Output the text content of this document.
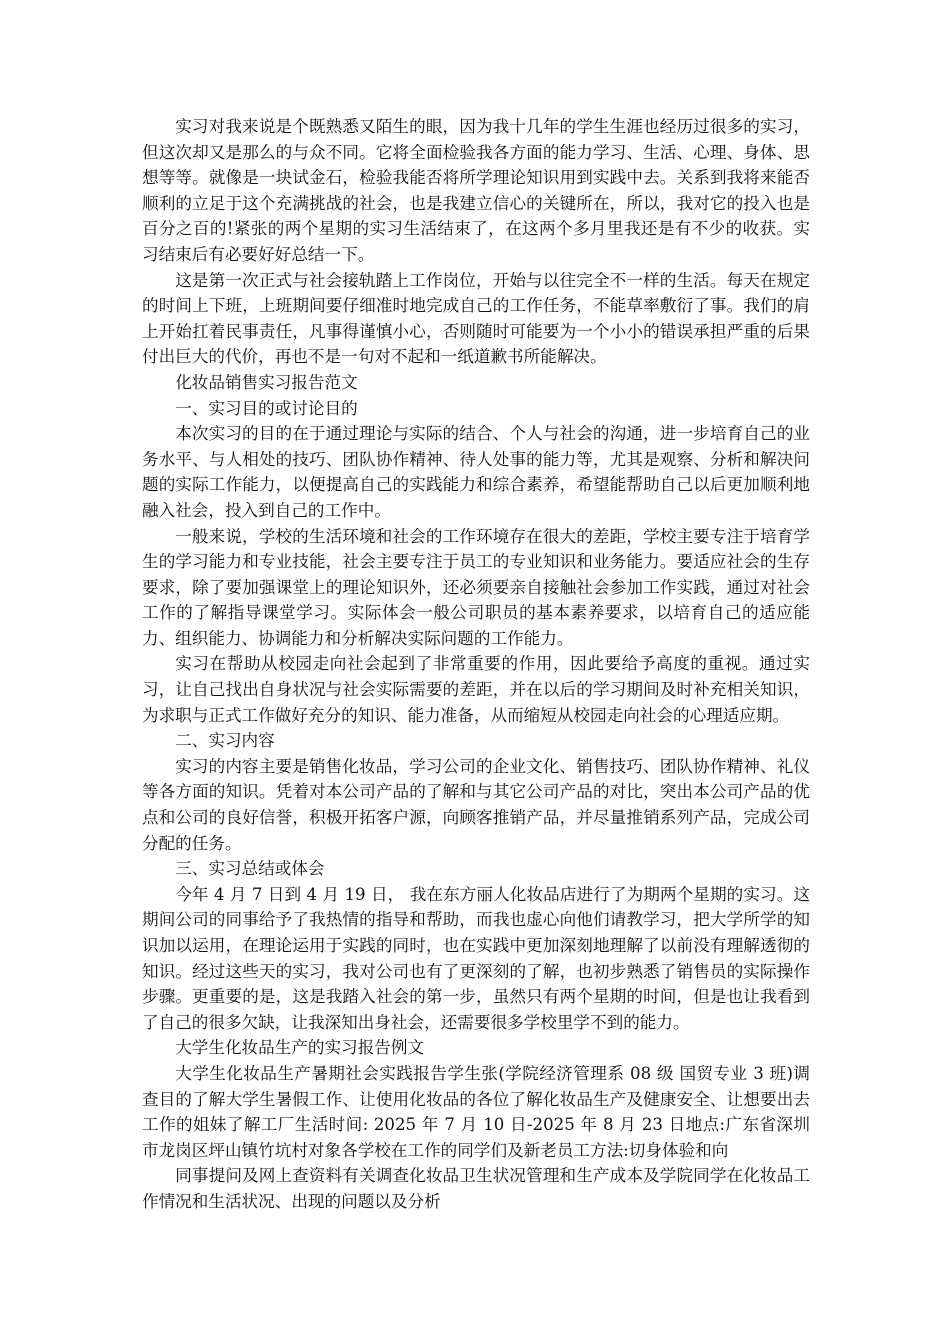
实习对我来说是个既熟悉又陌生的眼，因为我十几年的学生生涯也经历过很多的实习，但这次却又是那么的与众不同。它将全面检验我各方面的能力学习、生活、心理、身体、思想等等。就像是一块试金石，检验我能否将所学理论知识用到实践中去。关系到我将来能否顺利的立足于这个充满挑战的社会，也是我建立信心的关键所在，所以，我对它的投入也是百分之百的!紧张的两个星期的实习生活结束了，在这两个多月里我还是有不少的收获。实习结束后有必要好好总结一下。

这是第一次正式与社会接轨踏上工作岗位，开始与以往完全不一样的生活。每天在规定的时间上下班，上班期间要仔细准时地完成自己的工作任务，不能草率敷衍了事。我们的肩上开始扛着民事责任，凡事得谨慎小心，否则随时可能要为一个小小的错误承担严重的后果付出巨大的代价，再也不是一句对不起和一纸道歉书所能解决。

化妆品销售实习报告范文

一、实习目的或讨论目的

本次实习的目的在于通过理论与实际的结合、个人与社会的沟通，进一步培育自己的业务水平、与人相处的技巧、团队协作精神、待人处事的能力等，尤其是观察、分析和解决问题的实际工作能力，以便提高自己的实践能力和综合素养，希望能帮助自己以后更加顺利地融入社会，投入到自己的工作中。

一般来说，学校的生活环境和社会的工作环境存在很大的差距，学校主要专注于培育学生的学习能力和专业技能，社会主要专注于员工的专业知识和业务能力。要适应社会的生存要求，除了要加强课堂上的理论知识外，还必须要亲自接触社会参加工作实践，通过对社会工作的了解指导课堂学习。实际体会一般公司职员的基本素养要求，以培育自己的适应能力、组织能力、协调能力和分析解决实际问题的工作能力。

实习在帮助从校园走向社会起到了非常重要的作用，因此要给予高度的重视。通过实习，让自己找出自身状况与社会实际需要的差距，并在以后的学习期间及时补充相关知识，为求职与正式工作做好充分的知识、能力准备，从而缩短从校园走向社会的心理适应期。

二、实习内容

实习的内容主要是销售化妆品，学习公司的企业文化、销售技巧、团队协作精神、礼仪等各方面的知识。凭着对本公司产品的了解和与其它公司产品的对比，突出本公司产品的优点和公司的良好信誉，积极开拓客户源，向顾客推销产品，并尽量推销系列产品，完成公司分配的任务。

三、实习总结或体会

今年 4 月 7 日到 4 月 19 日， 我在东方丽人化妆品店进行了为期两个星期的实习。这期间公司的同事给予了我热情的指导和帮助，而我也虚心向他们请教学习，把大学所学的知识加以运用，在理论运用于实践的同时，也在实践中更加深刻地理解了以前没有理解透彻的知识。经过这些天的实习，我对公司也有了更深刻的了解，也初步熟悉了销售员的实际操作步骤。更重要的是，这是我踏入社会的第一步，虽然只有两个星期的时间，但是也让我看到了自己的很多欠缺，让我深知出身社会，还需要很多学校里学不到的能力。

大学生化妆品生产的实习报告例文

大学生化妆品生产暑期社会实践报告学生张(学院经济管理系 08 级 国贸专业 3 班)调查目的了解大学生暑假工作、让使用化妆品的各位了解化妆品生产及健康安全、让想要出去工作的姐妹了解工厂生活时间: 2025 年 7 月 10 日-2025 年 8 月 23 日地点:广东省深圳市龙岗区坪山镇竹坑村对象各学校在工作的同学们及新老员工方法:切身体验和向

同事提问及网上查资料有关调查化妆品卫生状况管理和生产成本及学院同学在化妆品工作情况和生活状况、出现的问题以及分析
